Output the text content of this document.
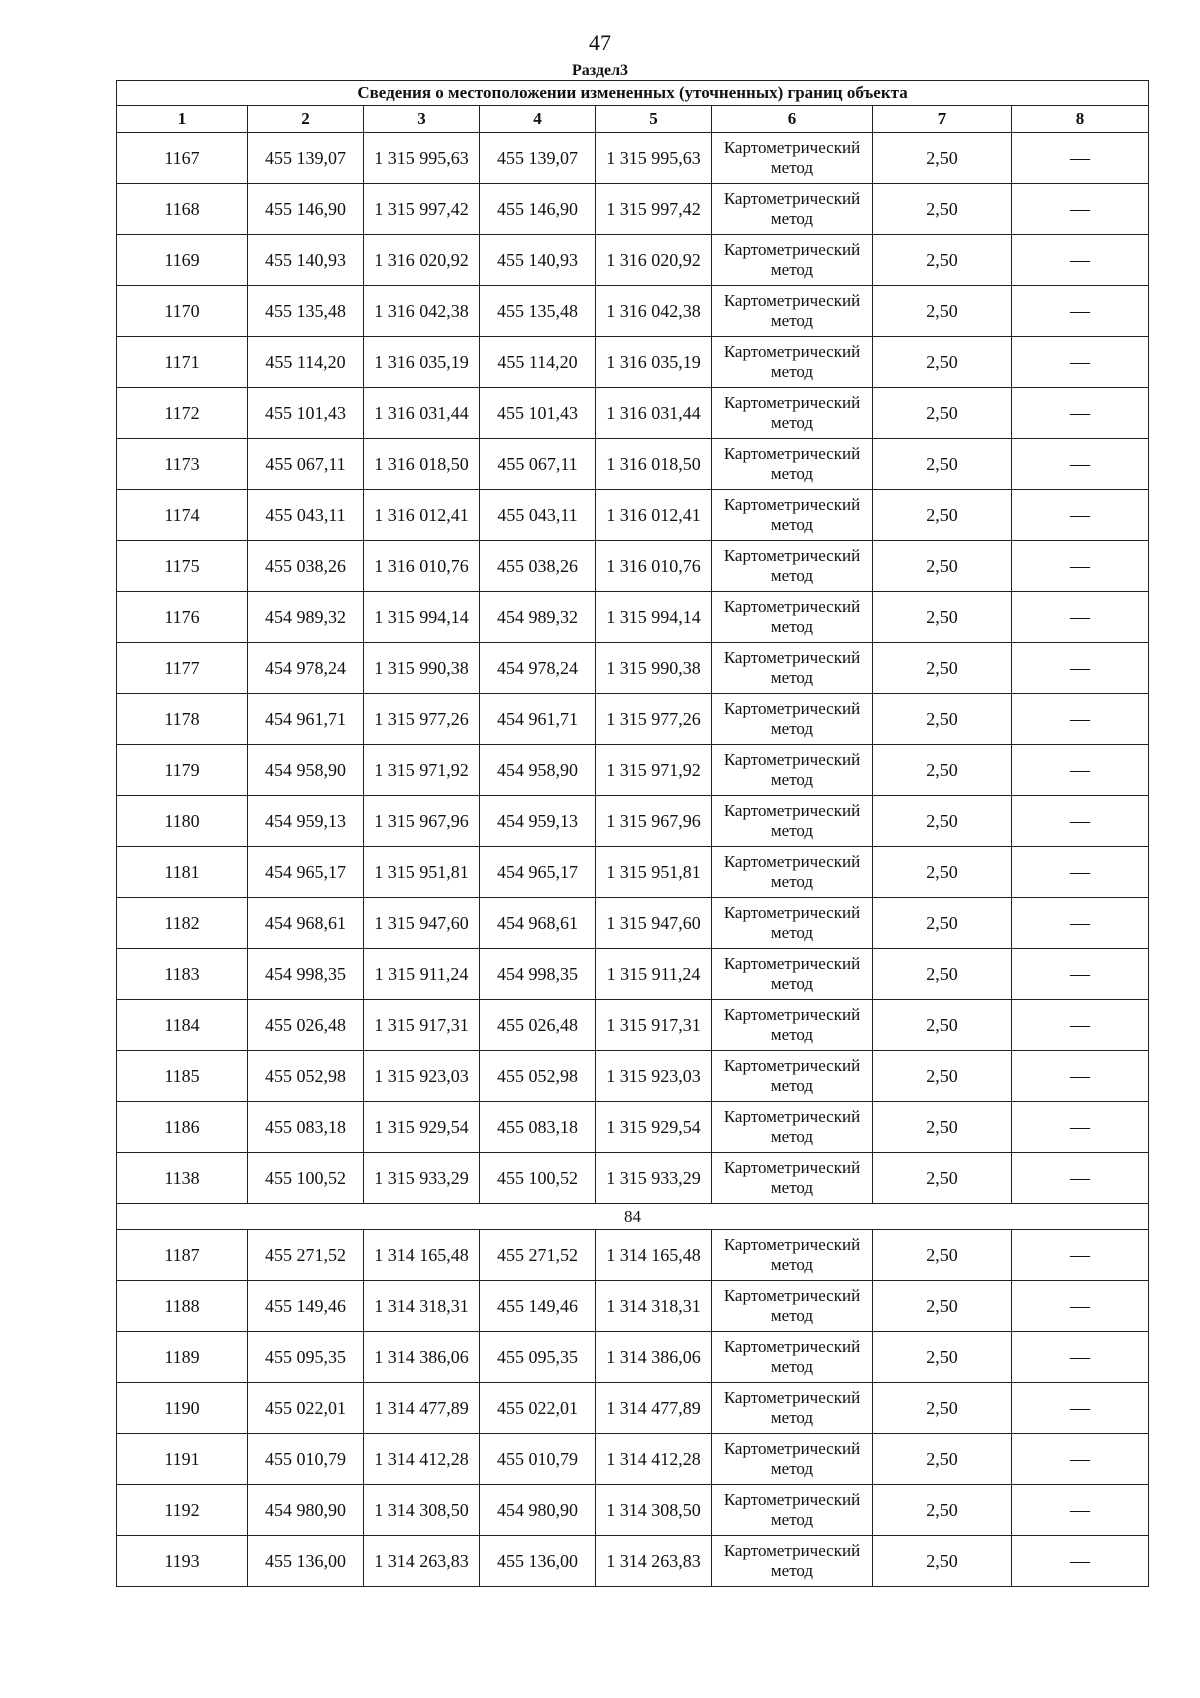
47
Раздел3
Сведения о местоположении измененных (уточненных) границ объекта							
1	2	3	4	5	6	7	8
1167	455 139,07	1 315 995,63	455 139,07	1 315 995,63	Картометрический метод	2,50	—
1168	455 146,90	1 315 997,42	455 146,90	1 315 997,42	Картометрический метод	2,50	—
1169	455 140,93	1 316 020,92	455 140,93	1 316 020,92	Картометрический метод	2,50	—
1170	455 135,48	1 316 042,38	455 135,48	1 316 042,38	Картометрический метод	2,50	—
1171	455 114,20	1 316 035,19	455 114,20	1 316 035,19	Картометрический метод	2,50	—
1172	455 101,43	1 316 031,44	455 101,43	1 316 031,44	Картометрический метод	2,50	—
1173	455 067,11	1 316 018,50	455 067,11	1 316 018,50	Картометрический метод	2,50	—
1174	455 043,11	1 316 012,41	455 043,11	1 316 012,41	Картометрический метод	2,50	—
1175	455 038,26	1 316 010,76	455 038,26	1 316 010,76	Картометрический метод	2,50	—
1176	454 989,32	1 315 994,14	454 989,32	1 315 994,14	Картометрический метод	2,50	—
1177	454 978,24	1 315 990,38	454 978,24	1 315 990,38	Картометрический метод	2,50	—
1178	454 961,71	1 315 977,26	454 961,71	1 315 977,26	Картометрический метод	2,50	—
1179	454 958,90	1 315 971,92	454 958,90	1 315 971,92	Картометрический метод	2,50	—
1180	454 959,13	1 315 967,96	454 959,13	1 315 967,96	Картометрический метод	2,50	—
1181	454 965,17	1 315 951,81	454 965,17	1 315 951,81	Картометрический метод	2,50	—
1182	454 968,61	1 315 947,60	454 968,61	1 315 947,60	Картометрический метод	2,50	—
1183	454 998,35	1 315 911,24	454 998,35	1 315 911,24	Картометрический метод	2,50	—
1184	455 026,48	1 315 917,31	455 026,48	1 315 917,31	Картометрический метод	2,50	—
1185	455 052,98	1 315 923,03	455 052,98	1 315 923,03	Картометрический метод	2,50	—
1186	455 083,18	1 315 929,54	455 083,18	1 315 929,54	Картометрический метод	2,50	—
1138	455 100,52	1 315 933,29	455 100,52	1 315 933,29	Картометрический метод	2,50	—
84							
1187	455 271,52	1 314 165,48	455 271,52	1 314 165,48	Картометрический метод	2,50	—
1188	455 149,46	1 314 318,31	455 149,46	1 314 318,31	Картометрический метод	2,50	—
1189	455 095,35	1 314 386,06	455 095,35	1 314 386,06	Картометрический метод	2,50	—
1190	455 022,01	1 314 477,89	455 022,01	1 314 477,89	Картометрический метод	2,50	—
1191	455 010,79	1 314 412,28	455 010,79	1 314 412,28	Картометрический метод	2,50	—
1192	454 980,90	1 314 308,50	454 980,90	1 314 308,50	Картометрический метод	2,50	—
1193	455 136,00	1 314 263,83	455 136,00	1 314 263,83	Картометрический метод	2,50	—
